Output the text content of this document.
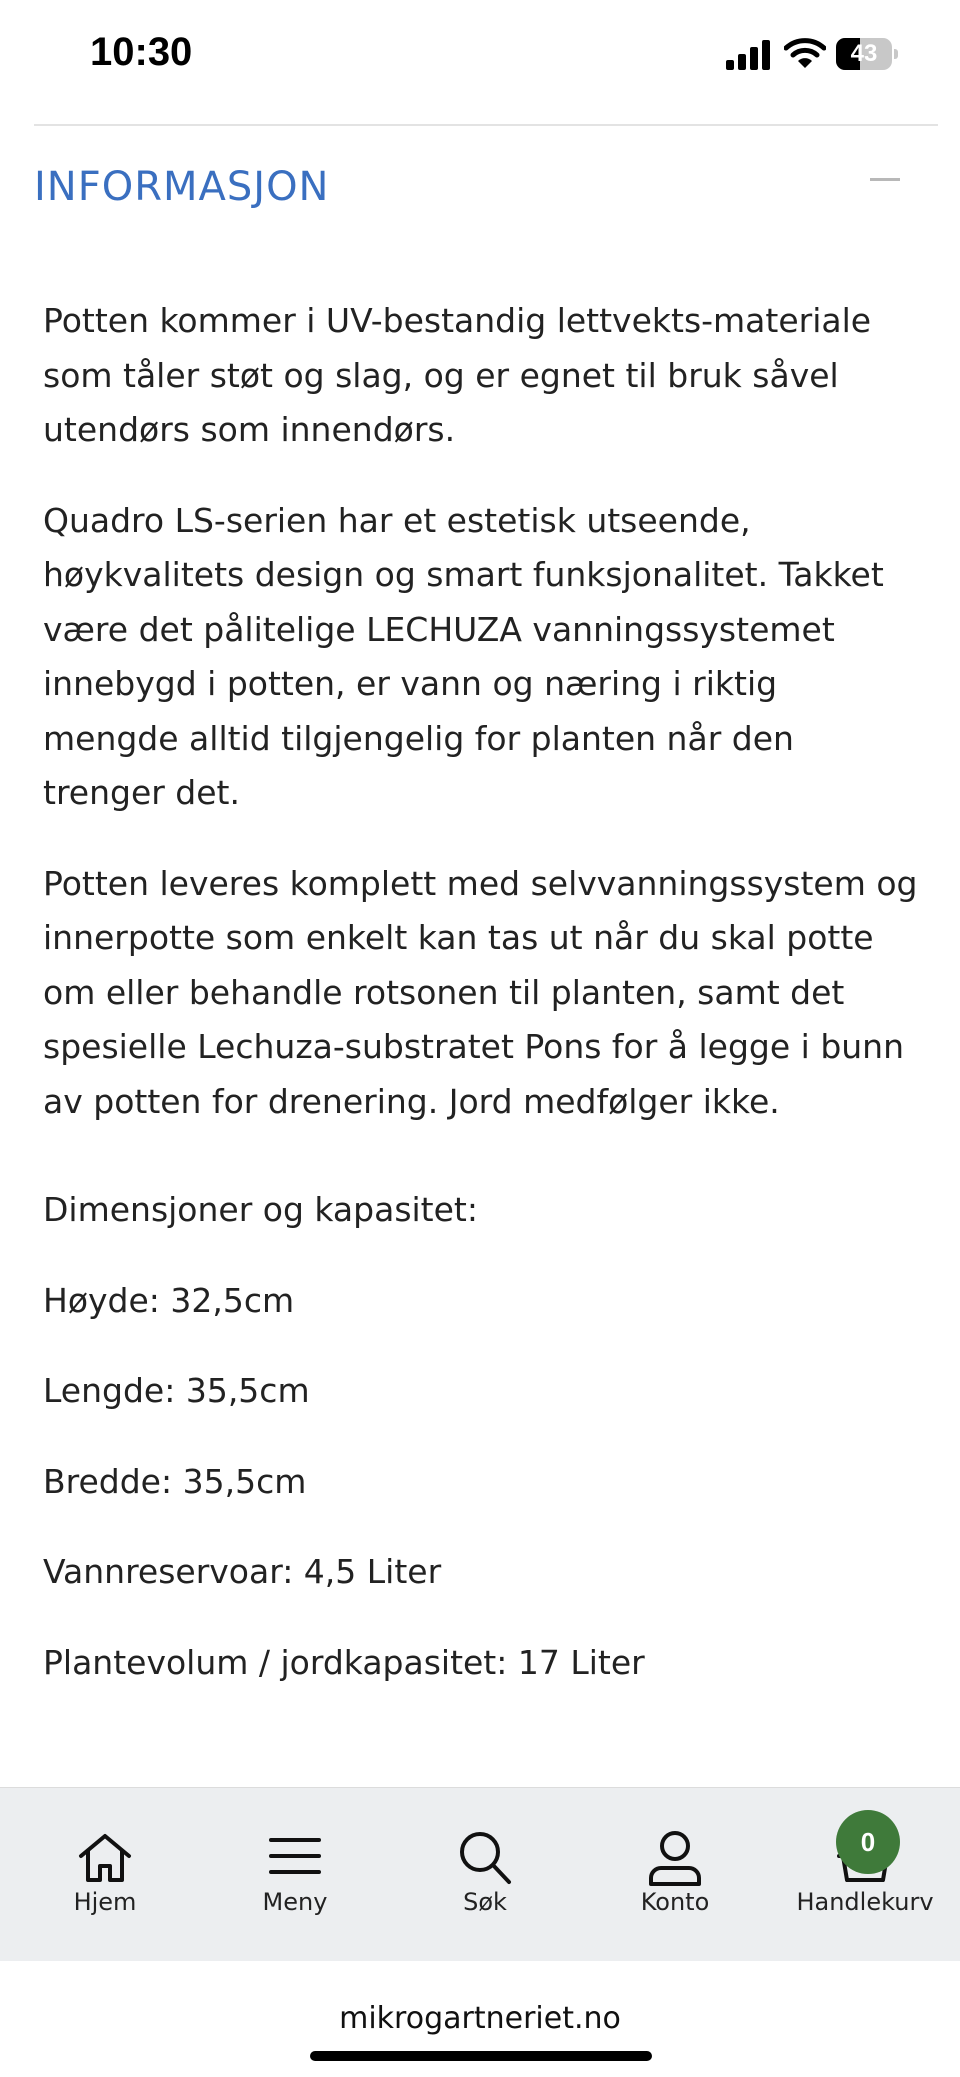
10:30	43
INFORMASJON

Potten kommer i UV-bestandig lettvekts-materiale som tåler støt og slag, og er egnet til bruk såvel utendørs som innendørs.

Quadro LS-serien har et estetisk utseende, høykvalitets design og smart funksjonalitet. Takket være det pålitelige LECHUZA vanningssystemet innebygd i potten, er vann og næring i riktig mengde alltid tilgjengelig for planten når den trenger det.

Potten leveres komplett med selvvanningssystem og innerpotte som enkelt kan tas ut når du skal potte om eller behandle rotsonen til planten, samt det spesielle Lechuza-substratet Pons for å legge i bunn av potten for drenering. Jord medfølger ikke.

Dimensjoner og kapasitet:

Høyde: 32,5cm

Lengde: 35,5cm

Bredde: 35,5cm

Vannreservoar: 4,5 Liter

Plantevolum / jordkapasitet: 17 Liter

Hjem	Meny	Søk	Konto	Handlekurv
0
mikrogartneriet.no
